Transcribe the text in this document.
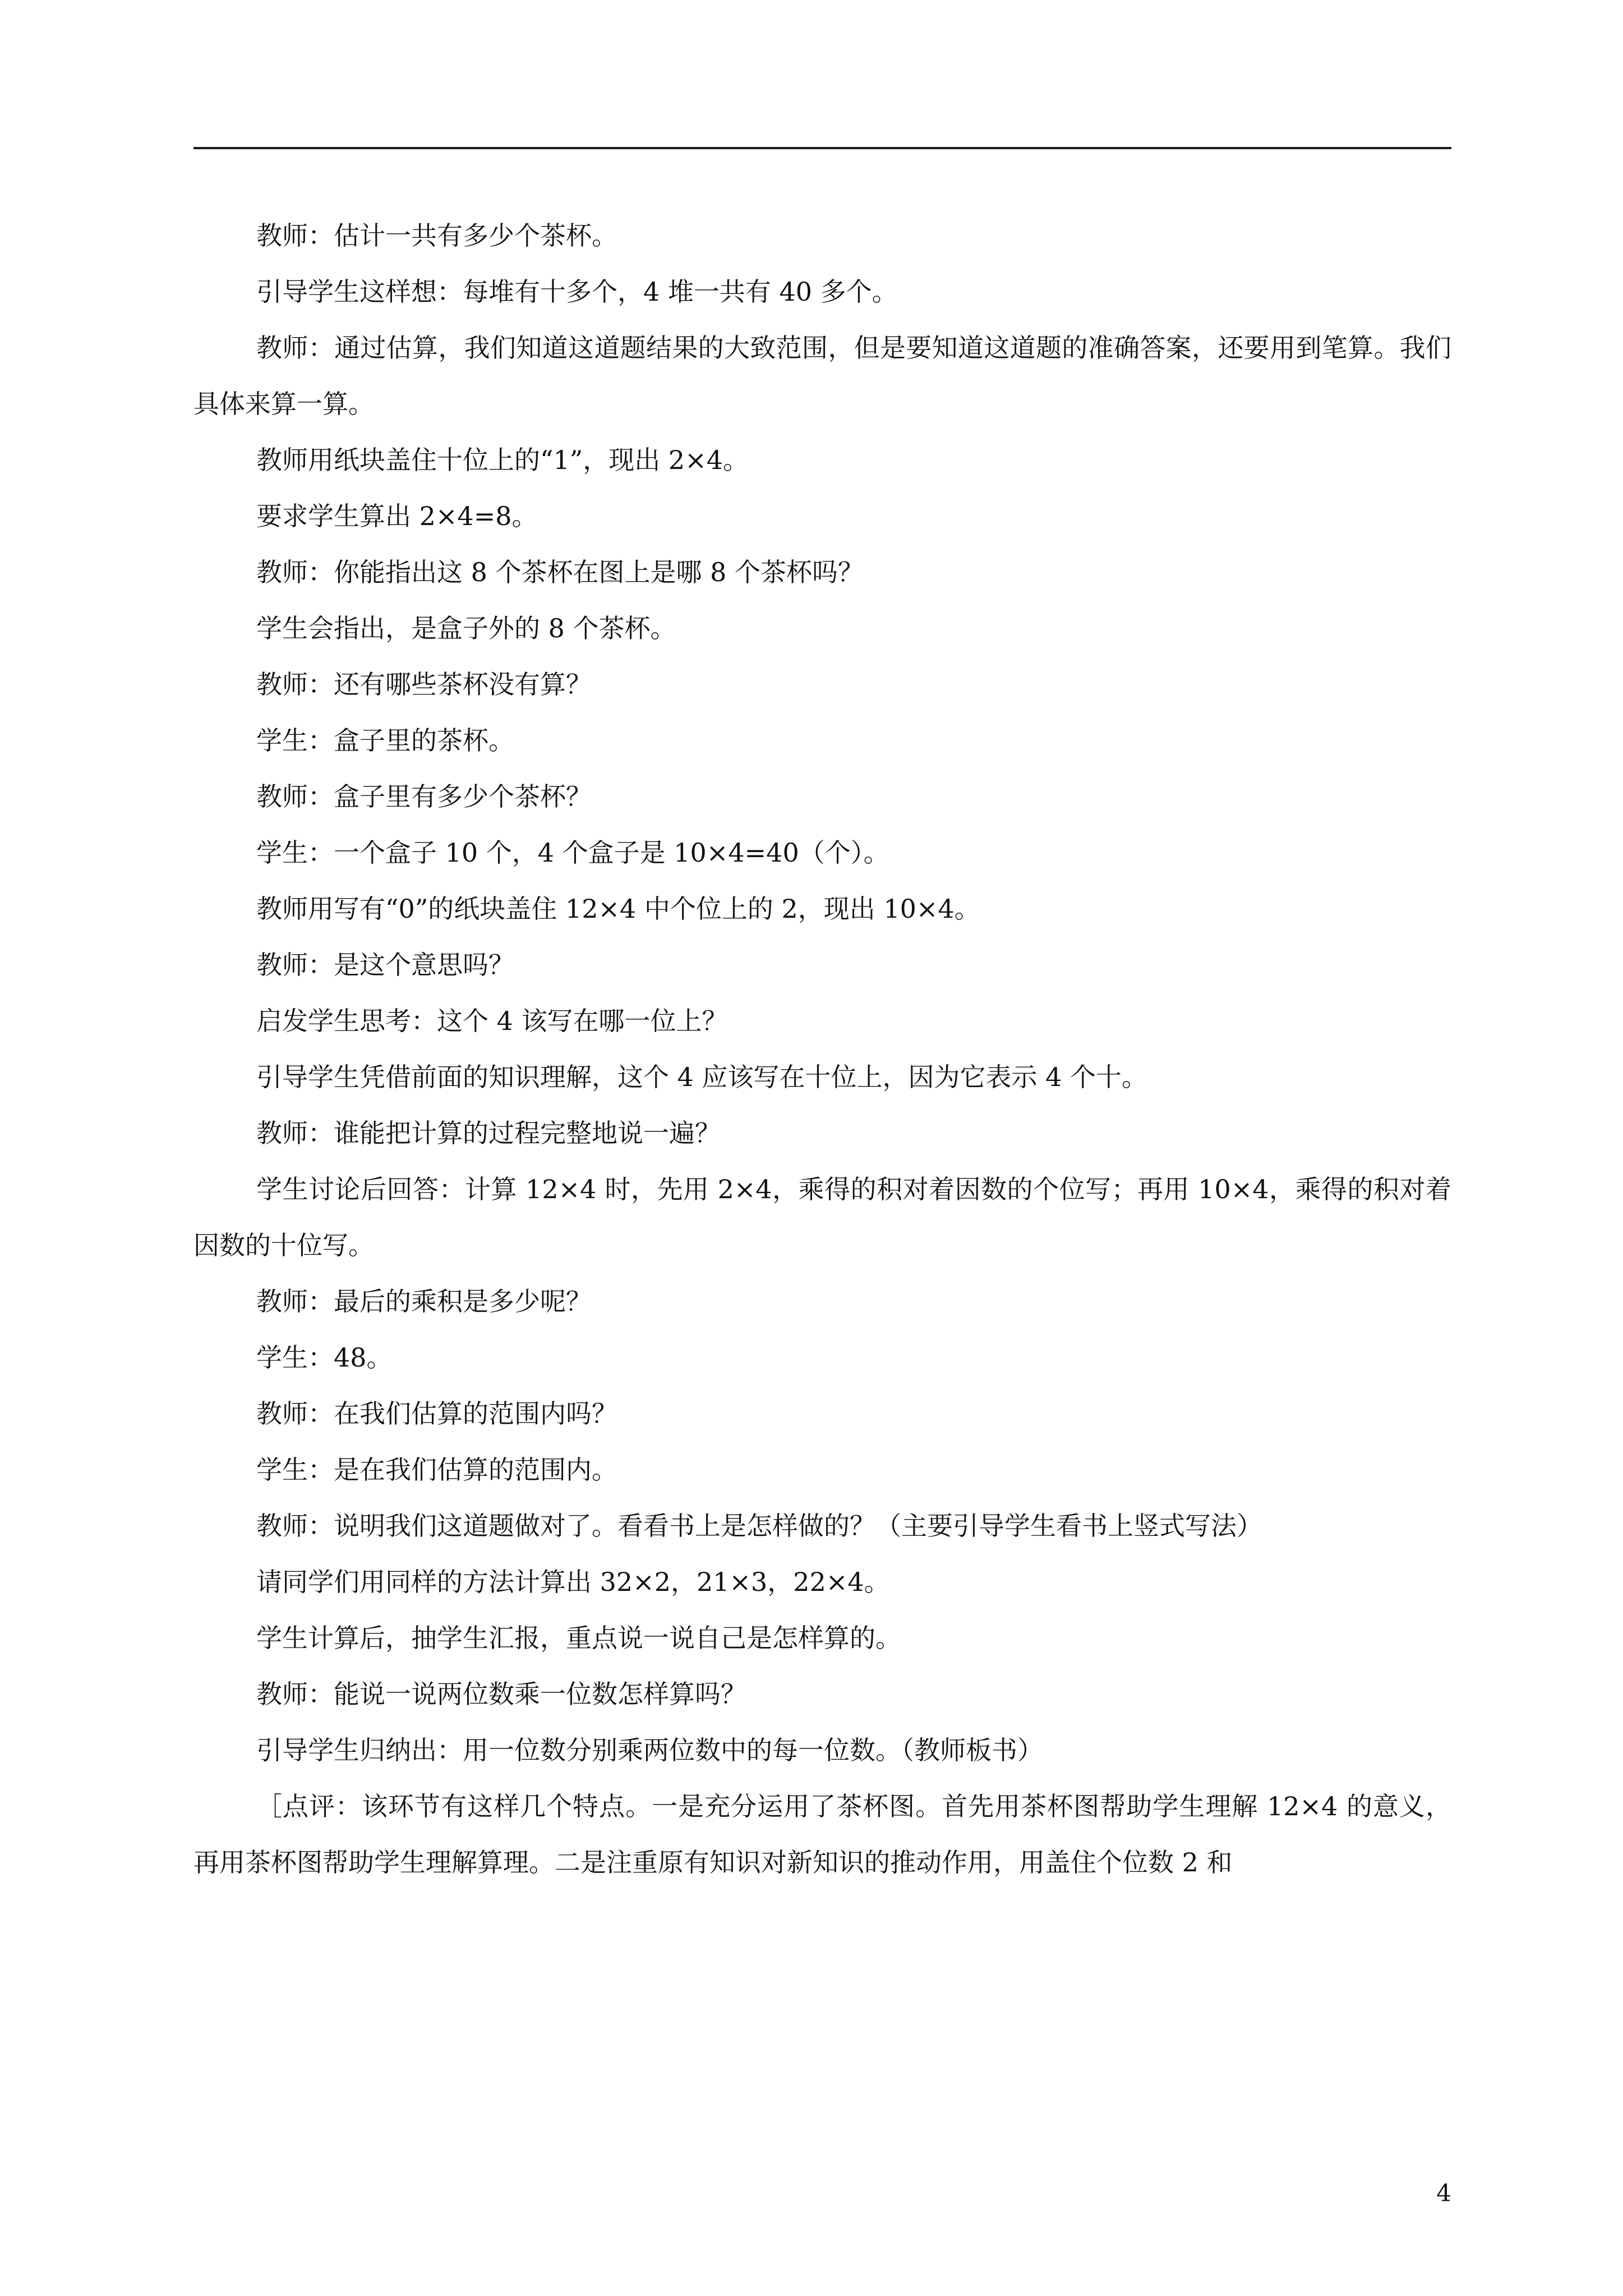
教师：估计一共有多少个茶杯。

引导学生这样想：每堆有十多个，4 堆一共有 40 多个。

教师：通过估算，我们知道这道题结果的大致范围，但是要知道这道题的准确答案，还要用到笔算。我们具体来算一算。

教师用纸块盖住十位上的“1”，现出 2×4。

要求学生算出 2×4=8。

教师：你能指出这 8 个茶杯在图上是哪 8 个茶杯吗？

学生会指出，是盒子外的 8 个茶杯。

教师：还有哪些茶杯没有算？

学生：盒子里的茶杯。

教师：盒子里有多少个茶杯？

学生：一个盒子 10 个，4 个盒子是 10×4=40（个）。

教师用写有“0”的纸块盖住 12×4 中个位上的 2，现出 10×4。

教师：是这个意思吗？

启发学生思考：这个 4 该写在哪一位上？

引导学生凭借前面的知识理解，这个 4 应该写在十位上，因为它表示 4 个十。

教师：谁能把计算的过程完整地说一遍？

学生讨论后回答：计算 12×4 时，先用 2×4，乘得的积对着因数的个位写；再用 10×4，乘得的积对着因数的十位写。

教师：最后的乘积是多少呢？

学生：48。

教师：在我们估算的范围内吗？

学生：是在我们估算的范围内。

教师：说明我们这道题做对了。看看书上是怎样做的？（主要引导学生看书上竖式写法）

请同学们用同样的方法计算出 32×2，21×3，22×4。

学生计算后，抽学生汇报，重点说一说自己是怎样算的。

教师：能说一说两位数乘一位数怎样算吗？

引导学生归纳出：用一位数分别乘两位数中的每一位数。（教师板书）

［点评：该环节有这样几个特点。一是充分运用了茶杯图。首先用茶杯图帮助学生理解 12×4 的意义，再用茶杯图帮助学生理解算理。二是注重原有知识对新知识的推动作用，用盖住个位数 2 和

4
